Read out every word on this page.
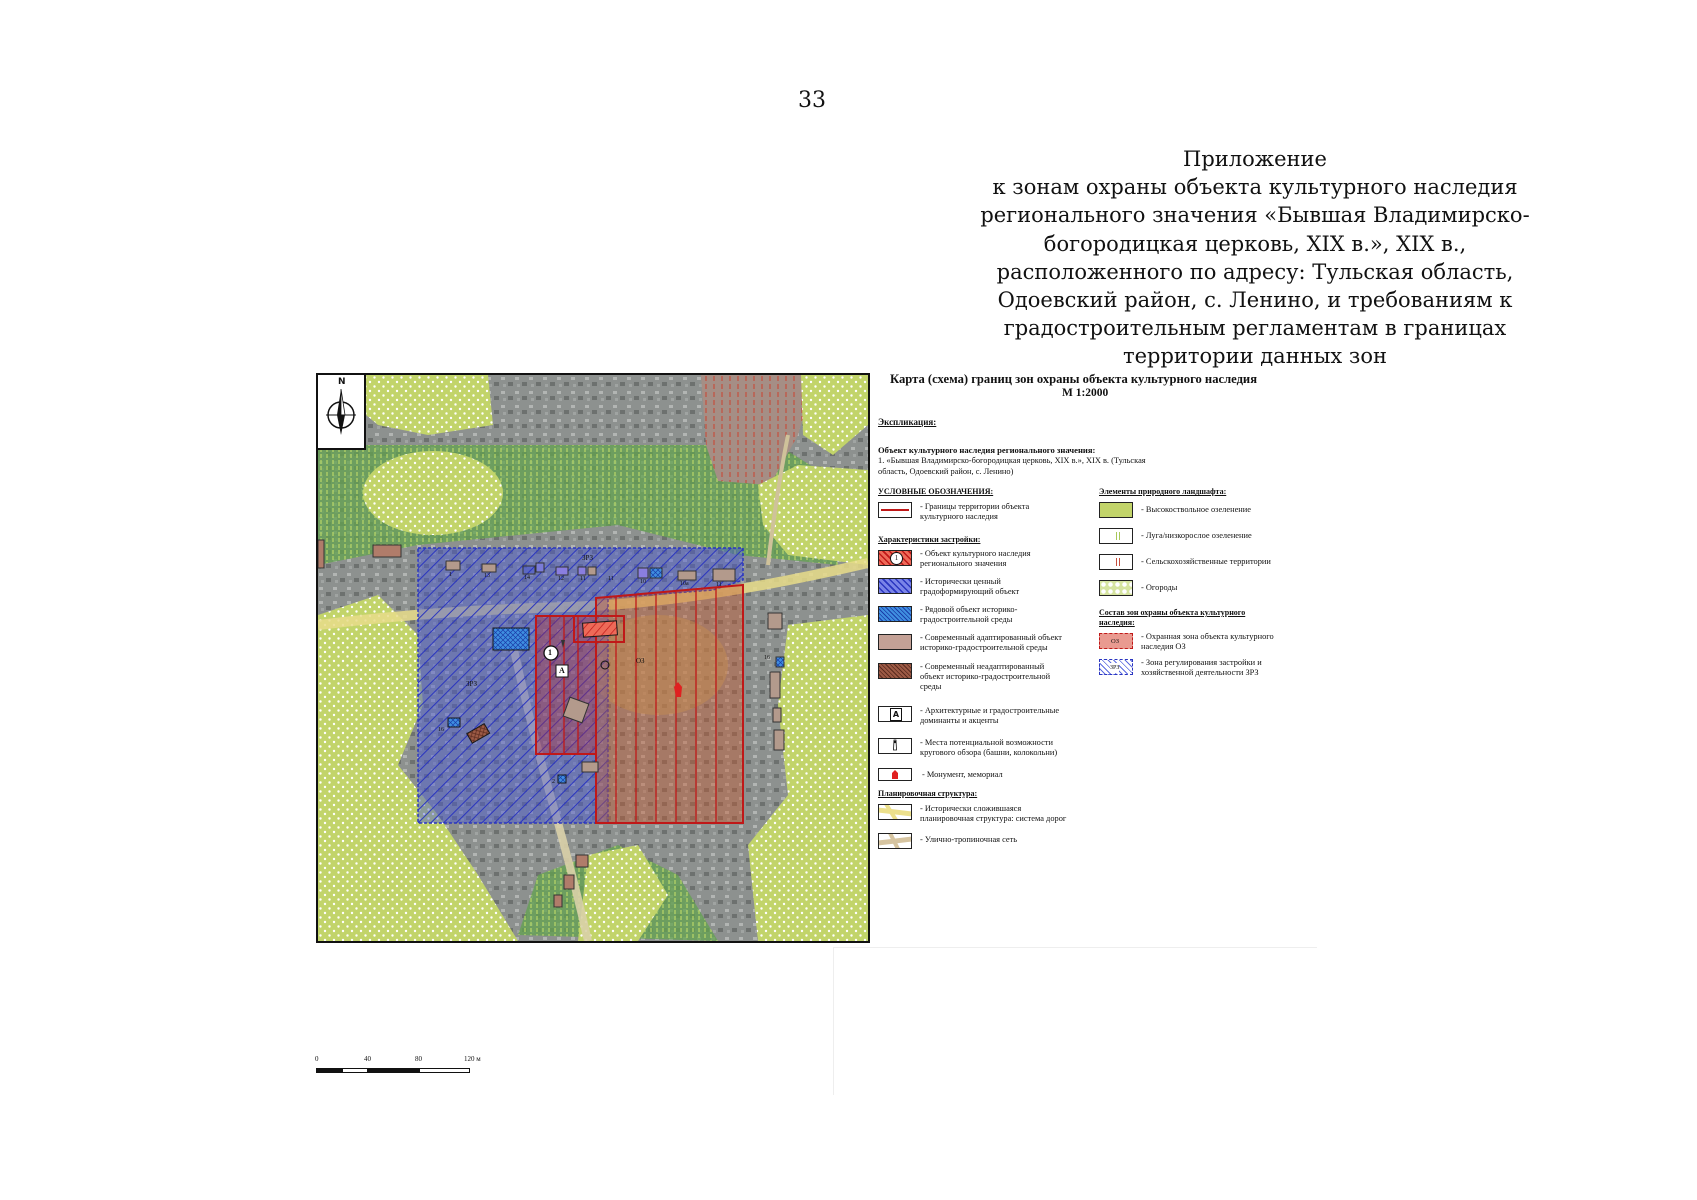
33
Приложение
к зонам охраны объекта культурного наследия
регионального значения «Бывшая Владимирско-
богородицкая церковь, XIX в.», XIX в.,
расположенного по адресу: Тульская область,
Одоевский район, с. Ленино, и требованиям к
градостроительным регламентам в границах
территории данных зон
ЗРЗ
ЗРЗ
ОЗ
1
A
1	13	14	12	11	11	10	10а	11
16
2
16
N	Карта (схема) границ зон охраны объекта культурного наследия
М 1:2000
Экспликация:
Объект культурного наследия регионального значения:
1. «Бывшая Владимирско-богородицкая церковь, XIX в.», XIX в. (Тульская
область, Одоевский район, с. Ленино)
УСЛОВНЫЕ ОБОЗНАЧЕНИЯ:
- Границы территории объекта
культурного наследия
Характеристики застройки:
1	- Объект культурного наследия
регионального значения
- Исторически ценный
градоформирующий объект
- Рядовой объект историко-
градостроительной среды
- Современный адаптированный объект
историко-градостроительной среды
- Современный неадаптированный
объект историко-градостроительной
среды
A	- Архитектурные и градостроительные
доминанты и акценты
- Места потенциальной возможности
кругового обзора (башни, колокольни)
- Монумент, мемориал
Планировочная структура:
- Исторически сложившаяся
планировочная структура: система дорог
- Улично-тропиночная сеть
Элементы природного ландшафта:
- Высокоствольное озеленение
- Луга/низкорослое озеленение
- Сельскохозяйственные территории
- Огороды
Состав зон охраны объекта культурного
наследия:
ОЗ
- Охранная зона объекта культурного
наследия ОЗ
ЗРЗ
- Зона регулирования застройки и
хозяйственной деятельности ЗРЗ
0	40	80	120 м
